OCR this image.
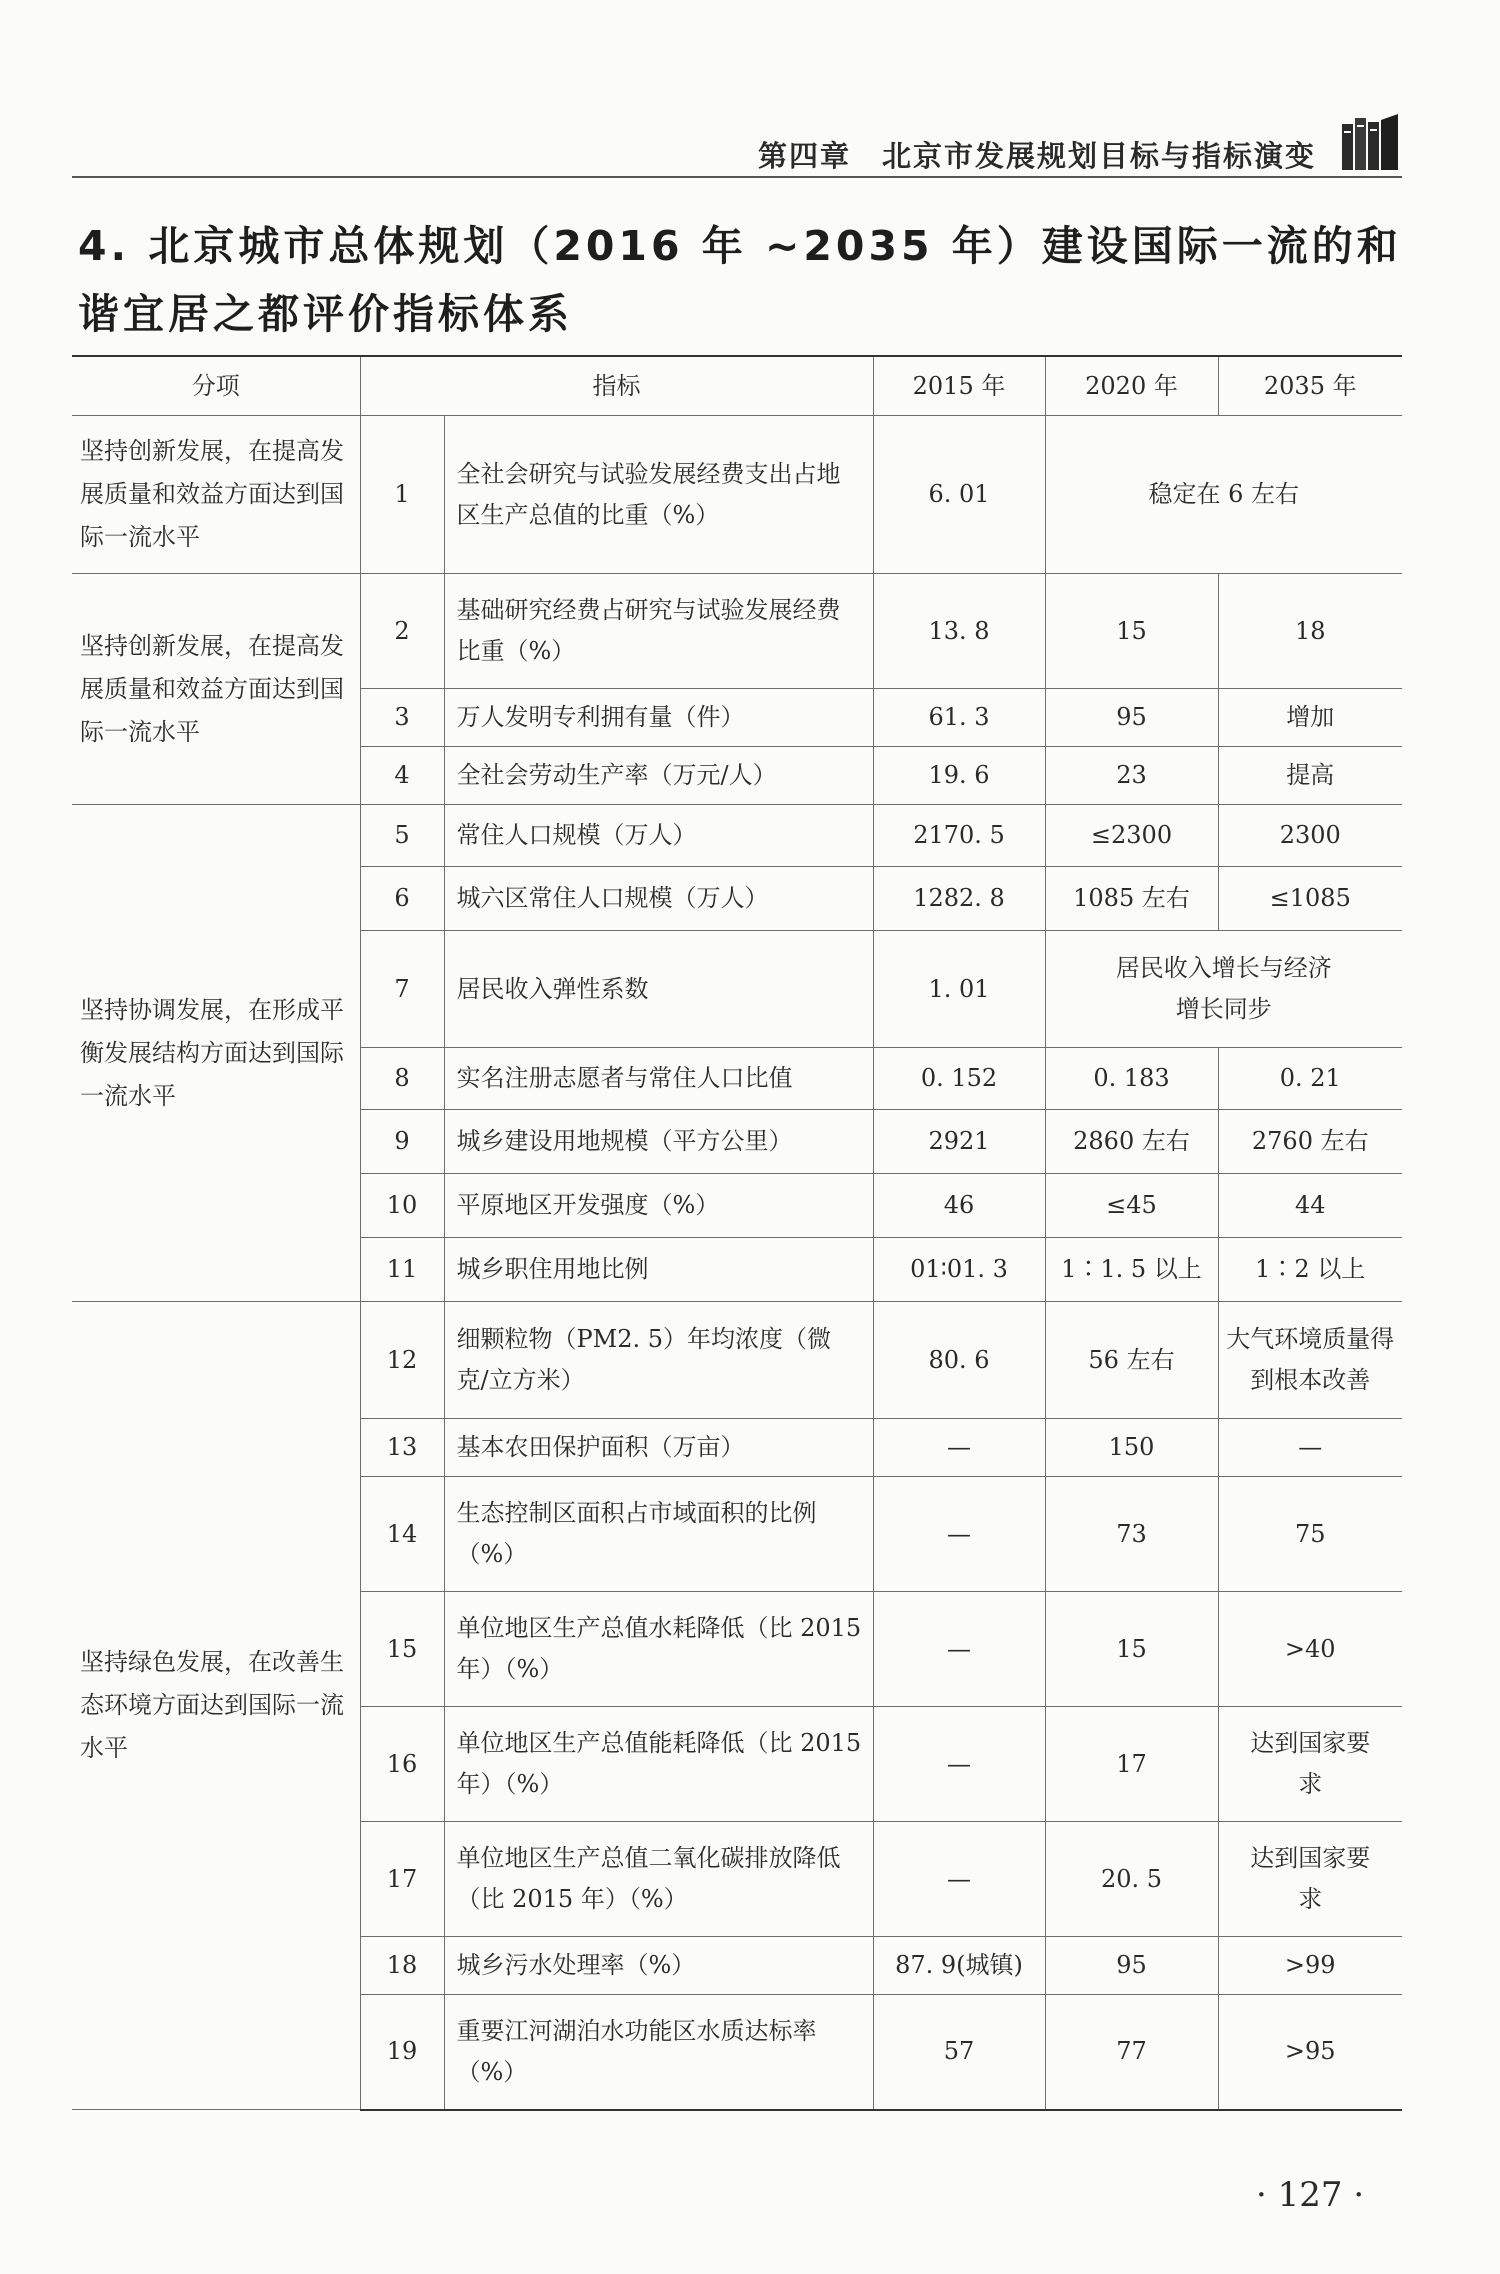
第四章　北京市发展规划目标与指标演变
4. 北京城市总体规划（2016 年 ~2035 年）建设国际一流的和谐宜居之都评价指标体系
分项	指标		2015 年	2020 年	2035 年
坚持创新发展，在提高发展质量和效益方面达到国际一流水平	1	全社会研究与试验发展经费支出占地区生产总值的比重（%）	6. 01	稳定在 6 左右	
坚持创新发展，在提高发展质量和效益方面达到国际一流水平	2	基础研究经费占研究与试验发展经费比重（%）	13. 8	15	18
	3	万人发明专利拥有量（件）	61. 3	95	增加
	4	全社会劳动生产率（万元/人）	19. 6	23	提高
坚持协调发展，在形成平衡发展结构方面达到国际一流水平	5	常住人口规模（万人）	2170. 5	≤2300	2300
	6	城六区常住人口规模（万人）	1282. 8	1085 左右	≤1085
	7	居民收入弹性系数	1. 01	居民收入增长与经济增长同步	
	8	实名注册志愿者与常住人口比值	0. 152	0. 183	0. 21
	9	城乡建设用地规模（平方公里）	2921	2860 左右	2760 左右
	10	平原地区开发强度（%）	46	≤45	44
	11	城乡职住用地比例	01∶01. 3	1∶1. 5 以上	1∶2 以上
坚持绿色发展，在改善生态环境方面达到国际一流水平	12	细颗粒物（PM2. 5）年均浓度（微克/立方米）	80. 6	56 左右	大气环境质量得到根本改善
	13	基本农田保护面积（万亩）	—	150	—
	14	生态控制区面积占市域面积的比例（%）	—	73	75
	15	单位地区生产总值水耗降低（比 2015 年）（%）	—	15	>40
	16	单位地区生产总值能耗降低（比 2015 年）（%）	—	17	达到国家要求
	17	单位地区生产总值二氧化碳排放降低（比 2015 年）（%）	—	20. 5	达到国家要求
	18	城乡污水处理率（%）	87. 9(城镇)	95	>99
	19	重要江河湖泊水功能区水质达标率（%）	57	77	>95
· 127 ·
